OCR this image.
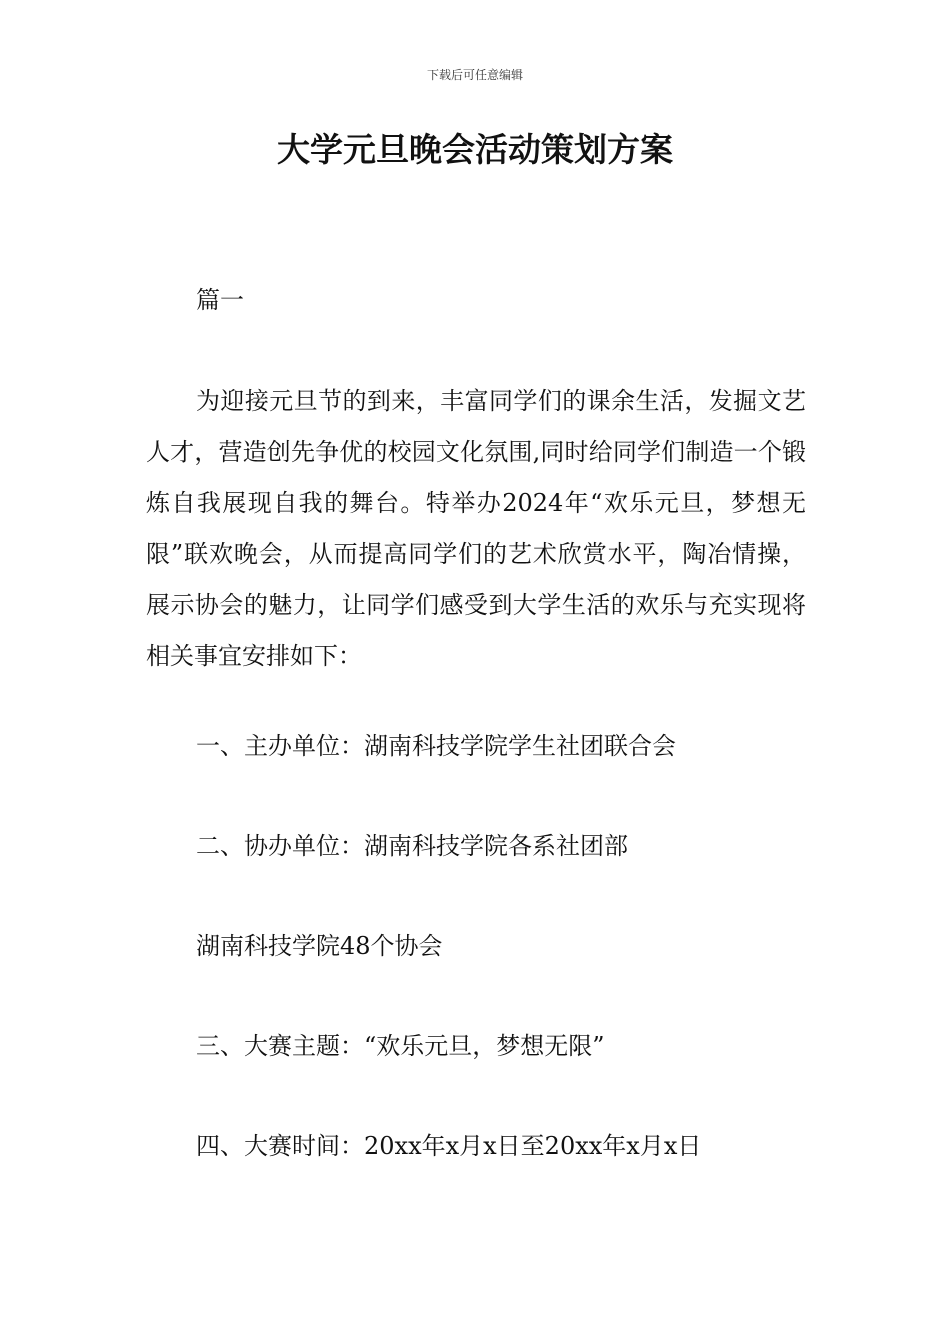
下载后可任意编辑
大学元旦晚会活动策划方案
篇一

为迎接元旦节的到来，丰富同学们的课余生活，发掘文艺人才，营造创先争优的校园文化氛围,同时给同学们制造一个锻炼自我展现自我的舞台。特举办2024年“欢乐元旦，梦想无限”联欢晚会，从而提高同学们的艺术欣赏水平，陶冶情操，展示协会的魅力，让同学们感受到大学生活的欢乐与充实现将相关事宜安排如下：

一、主办单位：湖南科技学院学生社团联合会
二、协办单位：湖南科技学院各系社团部
湖南科技学院48个协会
三、大赛主题：“欢乐元旦，梦想无限”
四、大赛时间：20xx年x月x日至20xx年x月x日
